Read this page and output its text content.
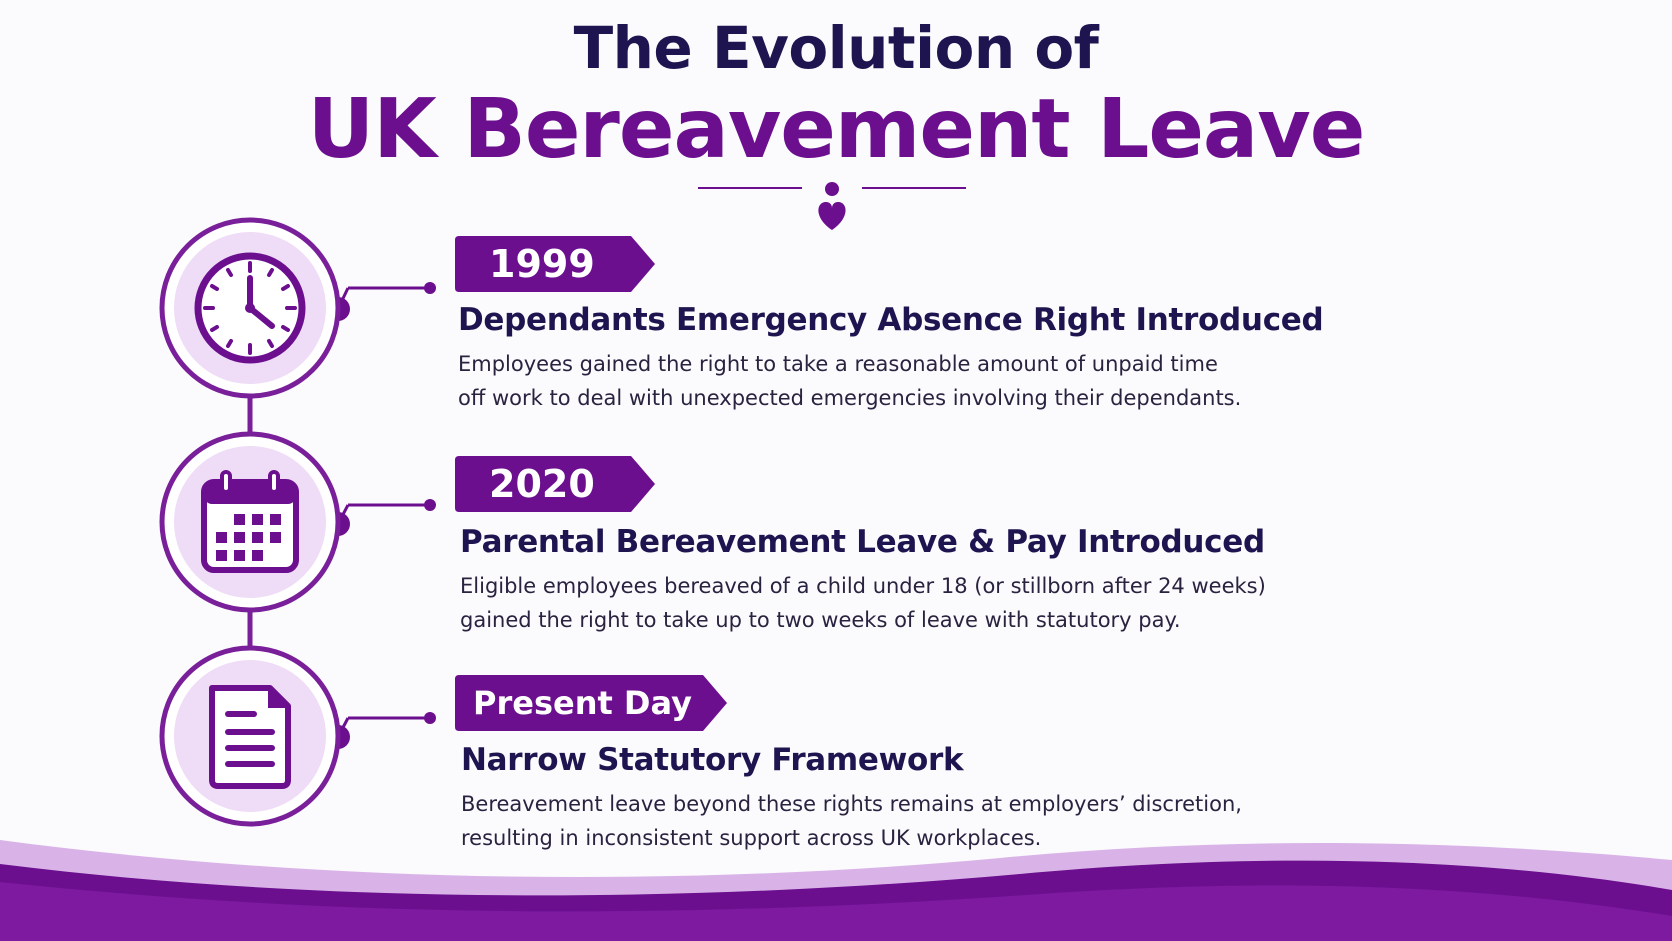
The Evolution of
UK Bereavement Leave
1999
Dependants Emergency Absence Right Introduced
Employees gained the right to take a reasonable amount of unpaid time
off work to deal with unexpected emergencies involving their dependants.
2020
Parental Bereavement Leave & Pay Introduced
Eligible employees bereaved of a child under 18 (or stillborn after 24 weeks)
gained the right to take up to two weeks of leave with statutory pay.
Present Day
Narrow Statutory Framework
Bereavement leave beyond these rights remains at employers’ discretion,
resulting in inconsistent support across UK workplaces.
